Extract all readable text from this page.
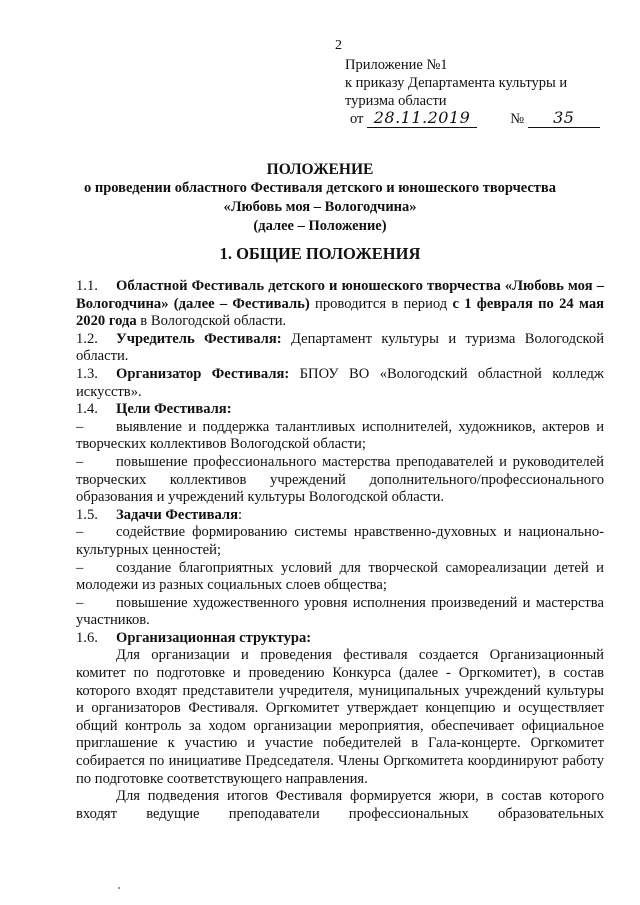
2
Приложение №1
к приказу Департамента культуры и
туризма области
от 28.11.2019	№ 35
ПОЛОЖЕНИЕ
о проведении областного Фестиваля детского и юношеского творчества
«Любовь моя – Вологодчина»
(далее – Положение)
1. ОБЩИЕ ПОЛОЖЕНИЯ

1.1. Областной Фестиваль детского и юношеского творчества «Любовь моя – Вологодчина» (далее – Фестиваль) проводится в период с 1 февраля по 24 мая 2020 года в Вологодской области.

1.2. Учредитель Фестиваля: Департамент культуры и туризма Вологодской области.

1.3. Организатор Фестиваля: БПОУ ВО «Вологодский областной колледж искусств».

1.4. Цели Фестиваля:

– выявление и поддержка талантливых исполнителей, художников, актеров и творческих коллективов Вологодской области;

– повышение профессионального мастерства преподавателей и руководителей творческих коллективов учреждений дополнительного/профессионального образования и учреждений культуры Вологодской области.

1.5. Задачи Фестиваля:

– содействие формированию системы нравственно-духовных и национально-культурных ценностей;

– создание благоприятных условий для творческой самореализации детей и молодежи из разных социальных слоев общества;

– повышение художественного уровня исполнения произведений и мастерства участников.

1.6. Организационная структура:

Для организации и проведения фестиваля создается Организационный комитет по подготовке и проведению Конкурса (далее - Оргкомитет), в состав которого входят представители учредителя, муниципальных учреждений культуры и организаторов Фестиваля. Оргкомитет утверждает концепцию и осуществляет общий контроль за ходом организации мероприятия, обеспечивает официальное приглашение к участию и участие победителей в Гала-концерте. Оргкомитет собирается по инициативе Председателя. Члены Оргкомитета координируют работу по подготовке соответствующего направления.

Для подведения итогов Фестиваля формируется жюри, в состав которого входят ведущие преподаватели профессиональных образовательных
